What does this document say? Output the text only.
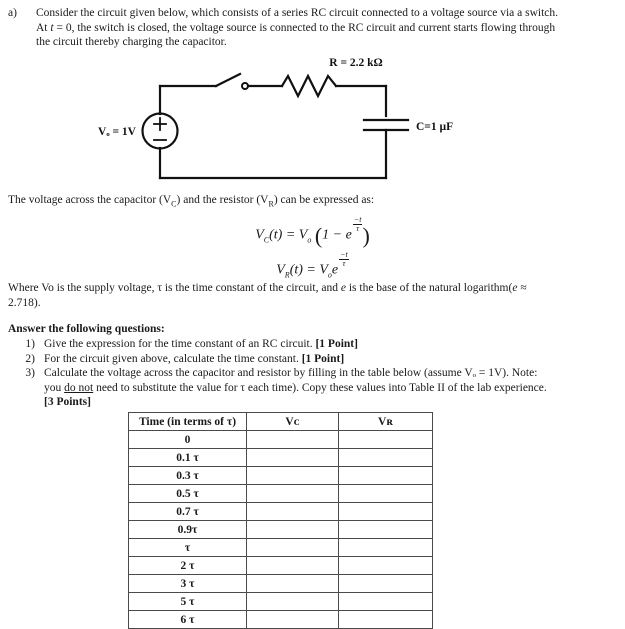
a)	Consider the circuit given below, which consists of a series RC circuit connected to a voltage source via a switch.
At t = 0, the switch is closed, the voltage source is connected to the RC circuit and current starts flowing through
the circuit thereby charging the capacitor.
R = 2.2 kΩ
C=1 µF
Vₒ = 1V
The voltage across the capacitor $(V_C)$ and the resistor $(V_R)$ can be expressed as:
$V_C(t) = V_o$ (1 − e
$\frac{-t}{\tau}$ )
$V_R(t) = V_oe$
$\frac{-t}{\tau}$
Where Vo is the supply voltage, τ is the time constant of the circuit, and e is the base of the natural logarithm(e ≈
2.718).
Answer the following questions:
1) Give the expression for the time constant of an RC circuit. [1 Point]
2) For the circuit given above, calculate the time constant. [1 Point]
3) Calculate the voltage across the capacitor and resistor by filling in the table below (assume Vₒ = 1V). Note:
you do not need to substitute the value for τ each time). Copy these values into Table II of the lab experience.
[3 Points]
Time (in terms of τ)	Vᴄ	Vʀ
0		
0.1 τ		
0.3 τ		
0.5 τ		
0.7 τ		
0.9τ		
τ		
2 τ		
3 τ		
5 τ		
6 τ		
